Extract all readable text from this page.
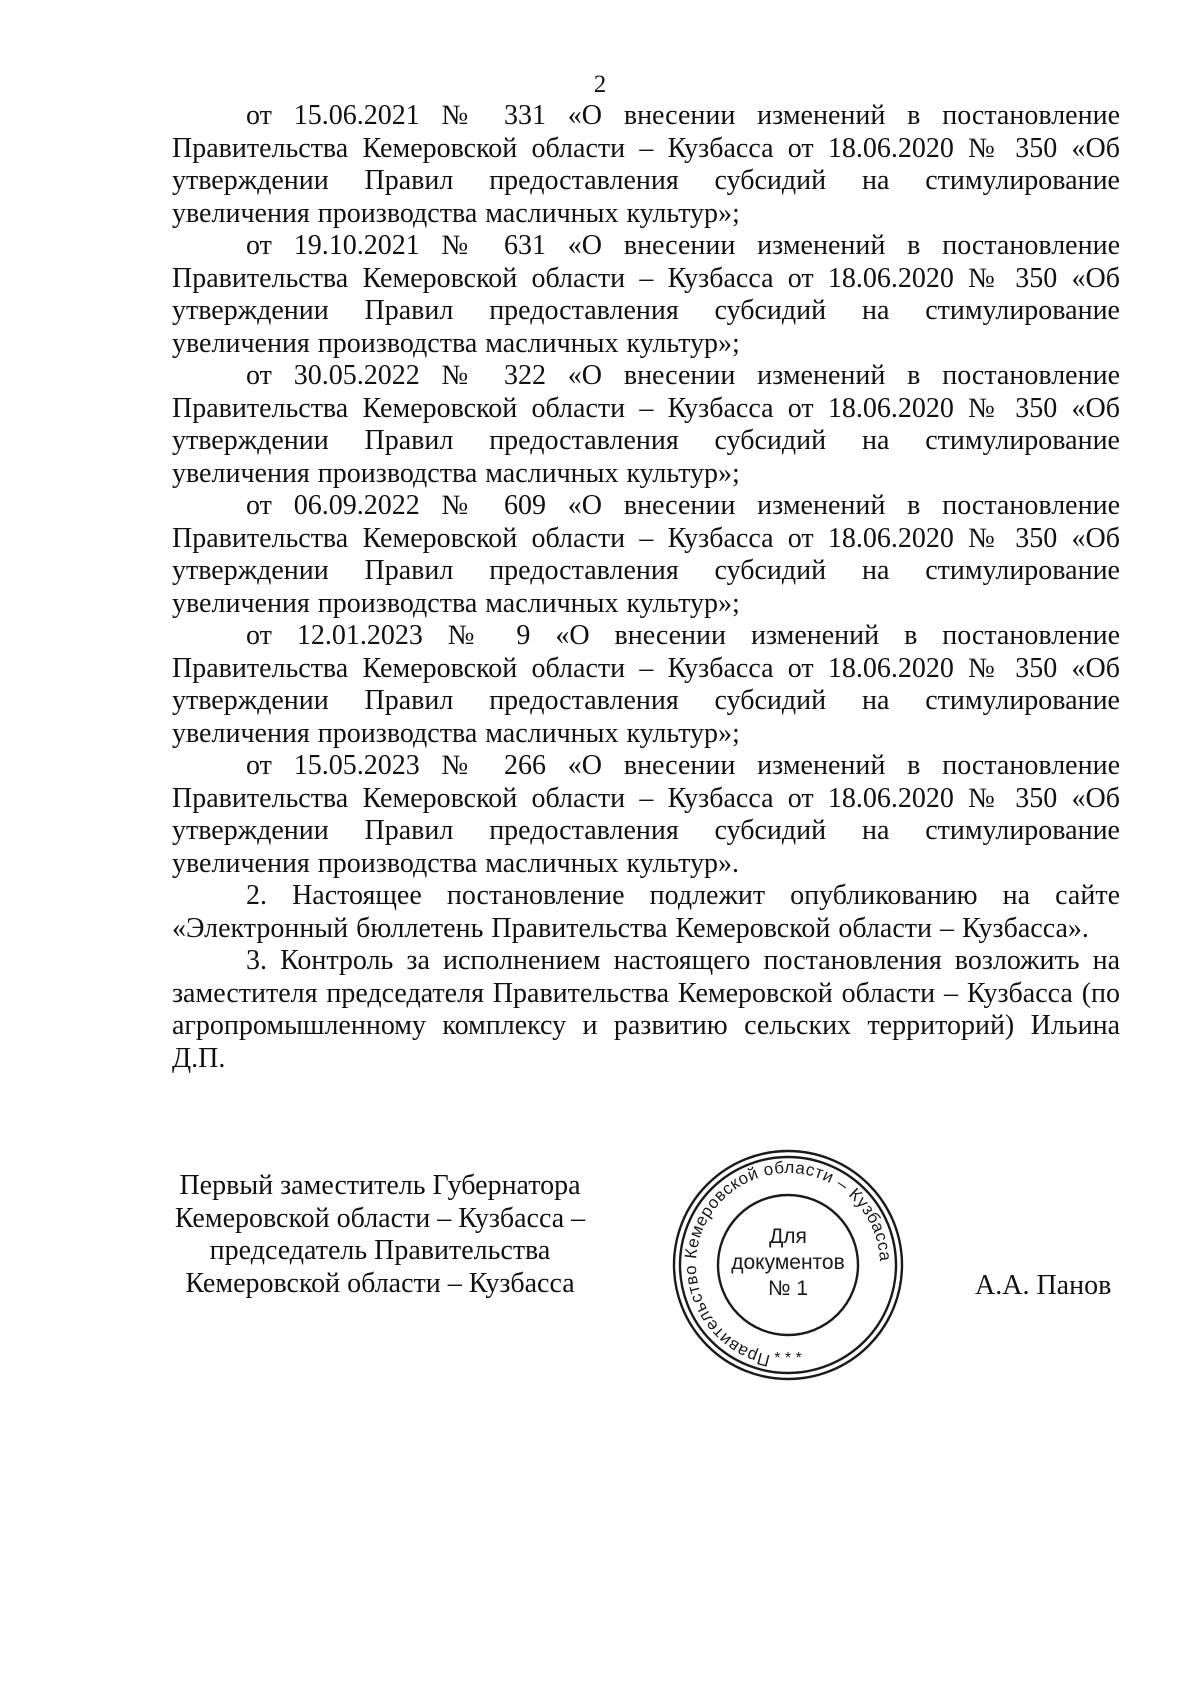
2

от 15.06.2021 № 331 «О внесении изменений в постановление Правительства Кемеровской области – Кузбасса от 18.06.2020 № 350 «Об утверждении Правил предоставления субсидий на стимулирование увеличения производства масличных культур»;

от 19.10.2021 № 631 «О внесении изменений в постановление Правительства Кемеровской области – Кузбасса от 18.06.2020 № 350 «Об утверждении Правил предоставления субсидий на стимулирование увеличения производства масличных культур»;

от 30.05.2022 № 322 «О внесении изменений в постановление Правительства Кемеровской области – Кузбасса от 18.06.2020 № 350 «Об утверждении Правил предоставления субсидий на стимулирование увеличения производства масличных культур»;

от 06.09.2022 № 609 «О внесении изменений в постановление Правительства Кемеровской области – Кузбасса от 18.06.2020 № 350 «Об утверждении Правил предоставления субсидий на стимулирование увеличения производства масличных культур»;

от 12.01.2023 № 9 «О внесении изменений в постановление Правительства Кемеровской области – Кузбасса от 18.06.2020 № 350 «Об утверждении Правил предоставления субсидий на стимулирование увеличения производства масличных культур»;

от 15.05.2023 № 266 «О внесении изменений в постановление Правительства Кемеровской области – Кузбасса от 18.06.2020 № 350 «Об утверждении Правил предоставления субсидий на стимулирование увеличения производства масличных культур».

2. Настоящее постановление подлежит опубликованию на сайте «Электронный бюллетень Правительства Кемеровской области – Кузбасса».

3. Контроль за исполнением настоящего постановления возложить на заместителя председателя Правительства Кемеровской области – Кузбасса (по агропромышленному комплексу и развитию сельских территорий) Ильина Д.П.

Первый заместитель Губернатора
Кемеровской области – Кузбасса –
председатель Правительства
Кемеровской области – Кузбасса
Правительство Кемеровской области – Кузбасса
Для
документов
№ 1
* * *
А.А. Панов
